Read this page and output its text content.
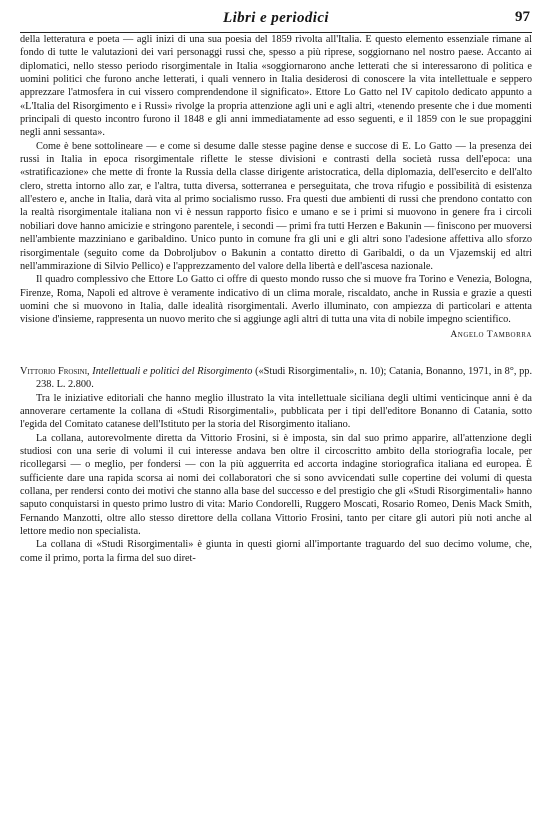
Libri e periodici	97

della letteratura e poeta — agli inizi di una sua poesia del 1859 rivolta all'Italia. E questo elemento essenziale rimane al fondo di tutte le valutazioni dei vari personaggi russi che, spesso a più riprese, soggiornano nel nostro paese. Accanto ai diplomatici, nello stesso periodo risorgimentale in Italia «soggiornarono anche letterati che si interessarono di politica e uomini politici che furono anche letterati, i quali vennero in Italia desiderosi di conoscere la vita intellettuale e seppero apprezzare l'atmosfera in cui vissero comprendendone il significato». Ettore Lo Gatto nel IV capitolo dedicato appunto a «L'Italia del Risorgimento e i Russi» rivolge la propria attenzione agli uni e agli altri, «tenendo presente che i due momenti principali di questo incontro furono il 1848 e gli anni immediatamente ad esso seguenti, e il 1859 con le sue propaggini negli anni sessanta».

Come è bene sottolineare — e come si desume dalle stesse pagine dense e succose di E. Lo Gatto — la presenza dei russi in Italia in epoca risorgimentale riflette le stesse divisioni e contrasti della società russa dell'epoca: una «stratificazione» che mette di fronte la Russia della classe dirigente aristocratica, della diplomazia, dell'esercito e dell'alto clero, stretta intorno allo zar, e l'altra, tutta diversa, sotterranea e perseguitata, che trova rifugio e possibilità di esistenza all'estero e, anche in Italia, darà vita al primo socialismo russo. Fra questi due ambienti di russi che prendono contatto con la realtà risorgimentale italiana non vi è nessun rapporto fisico e umano e se i primi si muovono in genere fra i circoli nobiliari dove hanno amicizie e stringono parentele, i secondi — primi fra tutti Herzen e Bakunin — finiscono per muoversi nell'ambiente mazziniano e garibaldino. Unico punto in comune fra gli uni e gli altri sono l'adesione affettiva allo sforzo risorgimentale (seguito come da Dobroljubov o Bakunin a contatto diretto di Garibaldi, o da un Vjazemskij ed altri nell'ammirazione di Silvio Pellico) e l'apprezzamento del valore della libertà e dell'ascesa nazionale.

Il quadro complessivo che Ettore Lo Gatto ci offre di questo mondo russo che si muove fra Torino e Venezia, Bologna, Firenze, Roma, Napoli ed altrove è veramente indicativo di un clima morale, riscaldato, anche in Russia e grazie a questi uomini che si muovono in Italia, dalle idealità risorgimentali. Averlo illuminato, con ampiezza di particolari e attenta visione d'insieme, rappresenta un nuovo merito che si aggiunge agli altri di tutta una vita di nobile impegno scientifico.

Angelo Tamborra

Vittorio Frosini, Intellettuali e politici del Risorgimento («Studi Risorgimentali», n. 10); Catania, Bonanno, 1971, in 8°, pp. 238. L. 2.800.

Tra le iniziative editoriali che hanno meglio illustrato la vita intellettuale siciliana degli ultimi venticinque anni è da annoverare certamente la collana di «Studi Risorgimentali», pubblicata per i tipi dell'editore Bonanno di Catania, sotto l'egida del Comitato catanese dell'Istituto per la storia del Risorgimento italiano.

La collana, autorevolmente diretta da Vittorio Frosini, si è imposta, sin dal suo primo apparire, all'attenzione degli studiosi con una serie di volumi il cui interesse andava ben oltre il circoscritto ambito della storiografia locale, per ricollegarsi — o meglio, per fondersi — con la più agguerrita ed accorta indagine storiografica italiana ed europea. È sufficiente dare una rapida scorsa ai nomi dei collaboratori che si sono avvicendati sulle copertine dei volumi di questa collana, per rendersi conto dei motivi che stanno alla base del successo e del prestigio che gli «Studi Risorgimentali» hanno saputo conquistarsi in questo primo lustro di vita: Mario Condorelli, Ruggero Moscati, Rosario Romeo, Denis Mack Smith, Fernando Manzotti, oltre allo stesso direttore della collana Vittorio Frosini, tanto per citare gli autori più noti anche al lettore medio non specialista.

La collana di «Studi Risorgimentali» è giunta in questi giorni all'importante traguardo del suo decimo volume, che, come il primo, porta la firma del suo diret-
